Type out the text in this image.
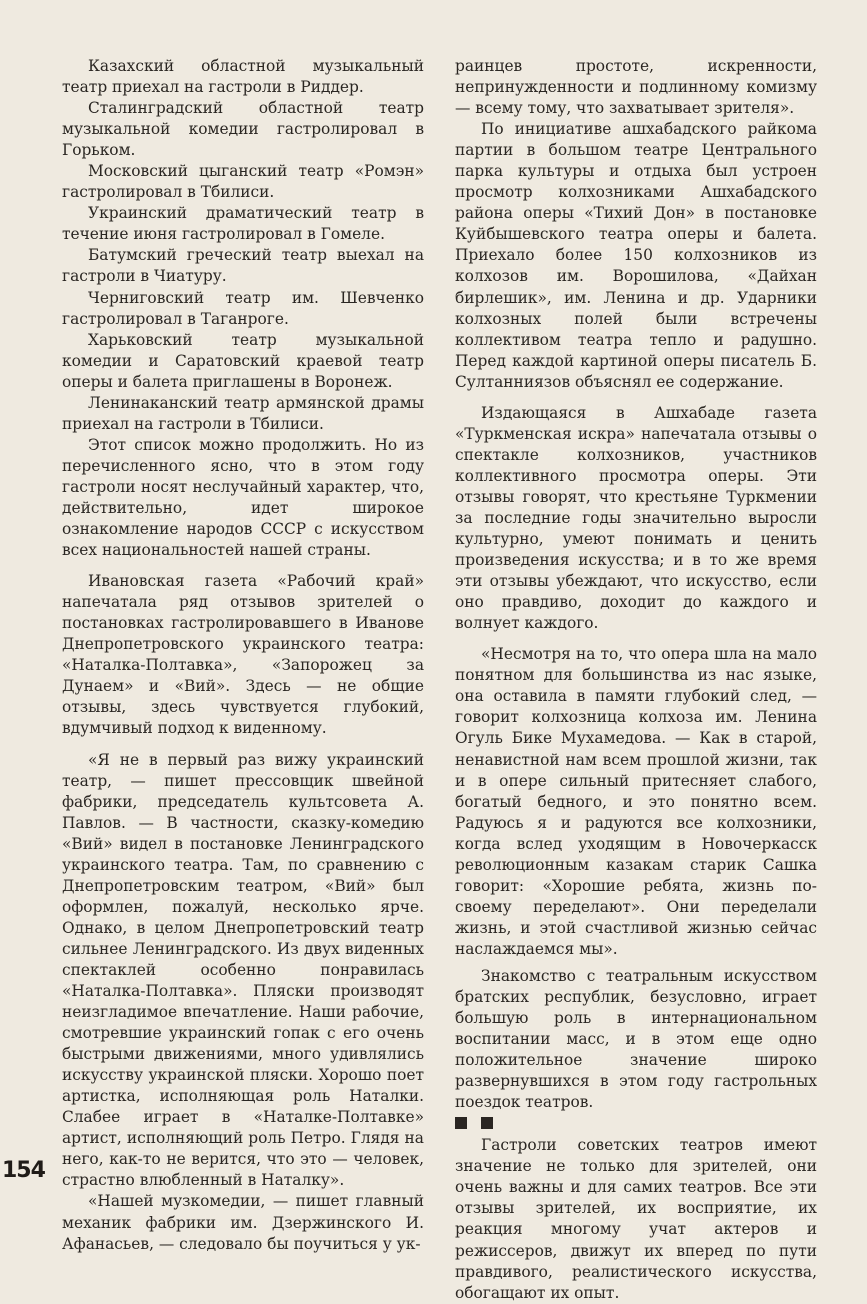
Казахский областной музыкальный театр приехал на гастроли в Риддер.

Сталинградский областной театр музыкальной комедии гастролировал в Горьком.

Московский цыганский театр «Ромэн» гастролировал в Тбилиси.

Украинский драматический театр в течение июня гастролировал в Гомеле.

Батумский греческий театр выехал на гастроли в Чиатуру.

Черниговский театр им. Шевченко гастролировал в Таганроге.

Харьковский театр музыкальной комедии и Саратовский краевой театр оперы и балета приглашены в Воронеж.

Ленинаканский театр армянской драмы приехал на гастроли в Тбилиси.

Этот список можно продолжить. Но из перечисленного ясно, что в этом году гастроли носят неслучайный характер, что, действительно, идет широкое ознакомление народов СССР с искусством всех национальностей нашей страны.

Ивановская газета «Рабочий край» напечатала ряд отзывов зрителей о постановках гастролировавшего в Иванове Днепропетровского украинского театра: «Наталка-Полтавка», «Запорожец за Дунаем» и «Вий». Здесь — не общие отзывы, здесь чувствуется глубокий, вдумчивый подход к виденному.

«Я не в первый раз вижу украинский театр, — пишет прессовщик швейной фабрики, председатель культсовета А. Павлов. — В частности, сказку-комедию «Вий» видел в постановке Ленинградского украинского театра. Там, по сравнению с Днепропетровским театром, «Вий» был оформлен, пожалуй, несколько ярче. Однако, в целом Днепропетровский театр сильнее Ленинградского. Из двух виденных спектаклей особенно понравилась «Наталка-Полтавка». Пляски производят неизгладимое впечатление. Наши рабочие, смотревшие украинский гопак с его очень быстрыми движениями, много удивлялись искусству украинской пляски. Хорошо поет артистка, исполняющая роль Наталки. Слабее играет в «Наталке-Полтавке» артист, исполняющий роль Петро. Глядя на него, как-то не верится, что это — человек, страстно влюбленный в Наталку».

«Нашей музкомедии, — пишет главный механик фабрики им. Дзержинского И. Афанасьев, — следовало бы поучиться у ук-

раинцев простоте, искренности, непринужденности и подлинному комизму — всему тому, что захватывает зрителя».

По инициативе ашхабадского райкома партии в большом театре Центрального парка культуры и отдыха был устроен просмотр колхозниками Ашхабадского района оперы «Тихий Дон» в постановке Куйбышевского театра оперы и балета. Приехало более 150 колхозников из колхозов им. Ворошилова, «Дайхан бирлешик», им. Ленина и др. Ударники колхозных полей были встречены коллективом театра тепло и радушно. Перед каждой картиной оперы писатель Б. Султанниязов объяснял ее содержание.

Издающаяся в Ашхабаде газета «Туркменская искра» напечатала отзывы о спектакле колхозников, участников коллективного просмотра оперы. Эти отзывы говорят, что крестьяне Туркмении за последние годы значительно выросли культурно, умеют понимать и ценить произведения искусства; и в то же время эти отзывы убеждают, что искусство, если оно правдиво, доходит до каждого и волнует каждого.

«Несмотря на то, что опера шла на мало понятном для большинства из нас языке, она оставила в памяти глубокий след, — говорит колхозница колхоза им. Ленина Огуль Бике Мухамедова. — Как в старой, ненавистной нам всем прошлой жизни, так и в опере сильный притесняет слабого, богатый бедного, и это понятно всем. Радуюсь я и радуются все колхозники, когда вслед уходящим в Новочеркасск революционным казакам старик Сашка говорит: «Хорошие ребята, жизнь по-своему переделают». Они переделали жизнь, и этой счастливой жизнью сейчас наслаждаемся мы».

Знакомство с театральным искусством братских республик, безусловно, играет большую роль в интернациональном воспитании масс, и в этом еще одно положительное значение широко развернувшихся в этом году гастрольных поездок театров.

Гастроли советских театров имеют значение не только для зрителей, они очень важны и для самих театров. Все эти отзывы зрителей, их восприятие, их реакция многому учат актеров и режиссеров, движут их вперед по пути правдивого, реалистического искусства, обогащают их опыт.

154
